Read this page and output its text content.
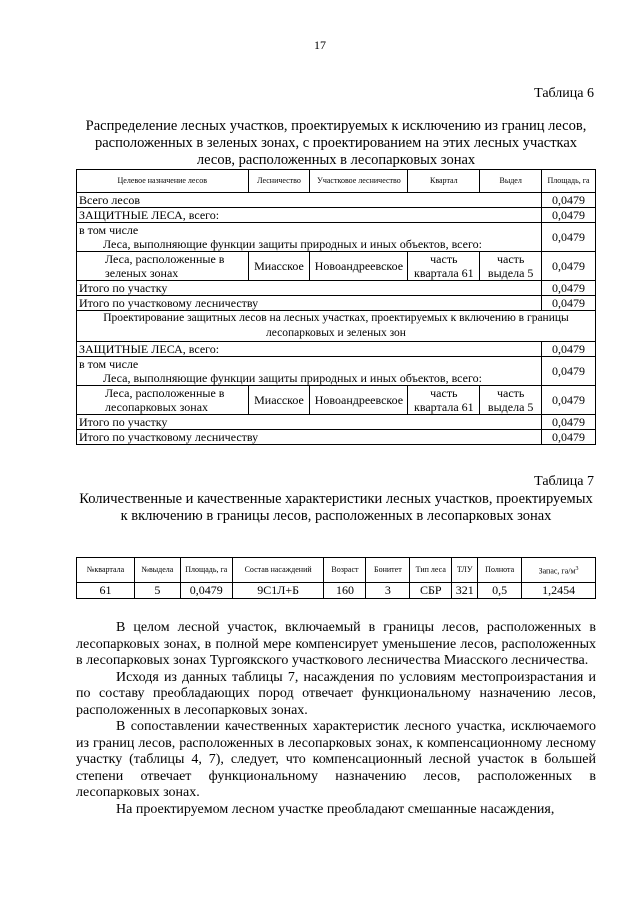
17
Таблица 6
Распределение лесных участков, проектируемых к исключению из границ лесов, расположенных в зеленых зонах, с проектированием на этих лесных участках лесов, расположенных в лесопарковых зонах
Целевое назначение лесов	Лесничество	Участковое лесничество	Квартал	Выдел	Площадь, га
Всего лесов					0,0479
ЗАЩИТНЫЕ ЛЕСА, всего:					0,0479

в том числе
Леса, выполняющие функции защиты природных и иных объектов, всего:					0,0479
Леса, расположенные в зеленых зонах	Миасское	Новоандреевское	часть квартала 61	часть выдела 5	0,0479
Итого по участку					0,0479
Итого по участковому лесничеству					0,0479
Проектирование защитных лесов на лесных участках, проектируемых к включению в границы лесопарковых и зеленых зон					
ЗАЩИТНЫЕ ЛЕСА, всего:					0,0479

в том числе
Леса, выполняющие функции защиты природных и иных объектов, всего:					0,0479
Леса, расположенные в лесопарковых зонах	Миасское	Новоандреевское	часть квартала 61	часть выдела 5	0,0479
Итого по участку					0,0479
Итого по участковому лесничеству					0,0479
Таблица 7
Количественные и качественные характеристики лесных участков, проектируемых к включению в границы лесов, расположенных в лесопарковых зонах
№квартала	№выдела	Площадь, га	Состав насаждений	Возраст	Бонитет	Тип леса	ТЛУ	Полнота	Запас, $га/м^3$
61	5	0,0479	9С1Л+Б	160	3	СБР	321	0,5	1,2454

В целом лесной участок, включаемый в границы лесов, расположенных в лесопарковых зонах, в полной мере компенсирует уменьшение лесов, расположенных в лесопарковых зонах Тургоякского участкового лесничества Миасского лесничества.

Исходя из данных таблицы 7, насаждения по условиям местопроизрастания и по составу преобладающих пород отвечает функциональному назначению лесов, расположенных в лесопарковых зонах.

В сопоставлении качественных характеристик лесного участка, исключаемого из границ лесов, расположенных в лесопарковых зонах, к компенсационному лесному участку (таблицы 4, 7), следует, что компенсационный лесной участок в большей степени отвечает функциональному назначению лесов, расположенных в лесопарковых зонах.

На проектируемом лесном участке преобладают смешанные насаждения,
